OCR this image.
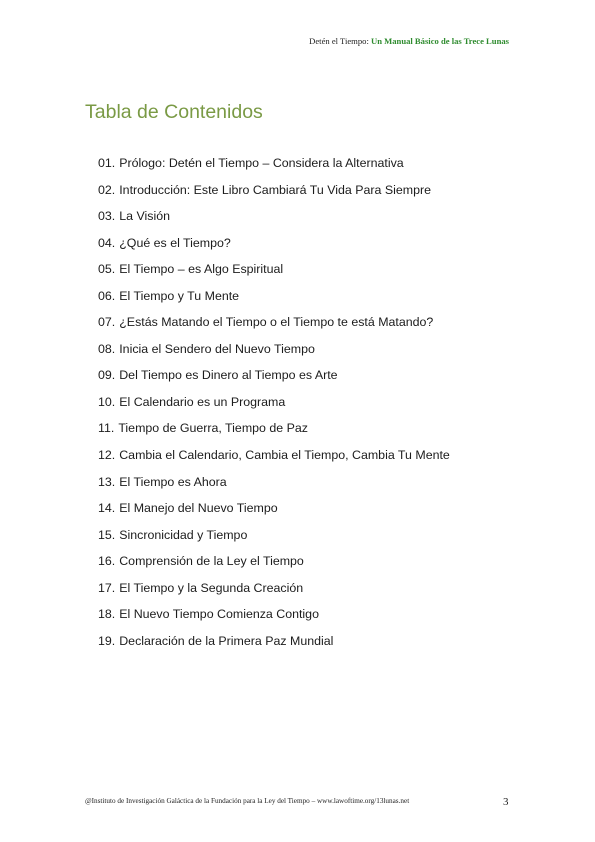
Detén el Tiempo: Un Manual Básico de las Trece Lunas
Tabla de Contenidos
01. Prólogo: Detén el Tiempo – Considera la Alternativa
02. Introducción: Este Libro Cambiará Tu Vida Para Siempre
03. La Visión
04. ¿Qué es el Tiempo?
05. El Tiempo – es Algo Espiritual
06. El Tiempo y Tu Mente
07. ¿Estás Matando el Tiempo o el Tiempo te está Matando?
08. Inicia el Sendero del Nuevo Tiempo
09. Del Tiempo es Dinero al Tiempo es Arte
10. El Calendario es un Programa
11. Tiempo de Guerra, Tiempo de Paz
12. Cambia el Calendario, Cambia el Tiempo, Cambia Tu Mente
13. El Tiempo es Ahora
14. El Manejo del Nuevo Tiempo
15. Sincronicidad y Tiempo
16. Comprensión de la Ley el Tiempo
17. El Tiempo y la Segunda Creación
18. El Nuevo Tiempo Comienza Contigo
19. Declaración de la Primera Paz Mundial
@Instituto de Investigación Galáctica de la Fundación para la Ley del Tiempo – www.lawoftime.org/13lunas.net	3
